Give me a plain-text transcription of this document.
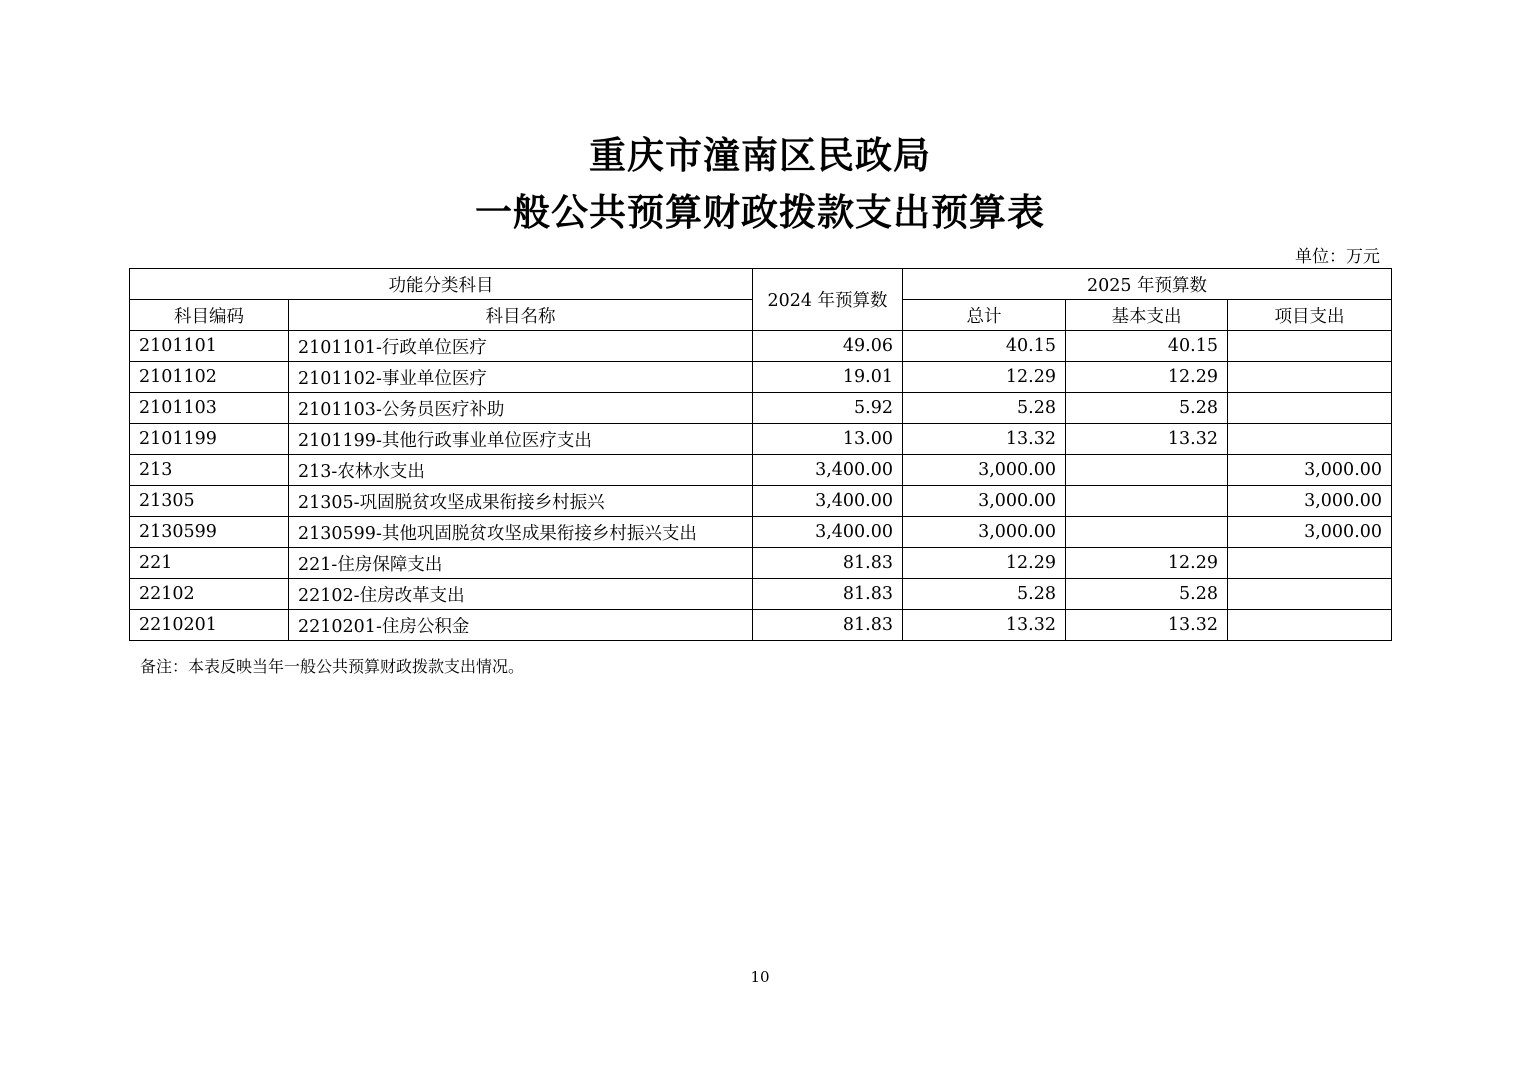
重庆市潼南区民政局
一般公共预算财政拨款支出预算表
单位：万元
功能分类科目		2024 年预算数	2025 年预算数		
科目编码	科目名称		总计	基本支出	项目支出
2101101	2101101-行政单位医疗	49.06	40.15	40.15	
2101102	2101102-事业单位医疗	19.01	12.29	12.29	
2101103	2101103-公务员医疗补助	5.92	5.28	5.28	
2101199	2101199-其他行政事业单位医疗支出	13.00	13.32	13.32	
213	213-农林水支出	3,400.00	3,000.00		3,000.00
21305	21305-巩固脱贫攻坚成果衔接乡村振兴	3,400.00	3,000.00		3,000.00
2130599	2130599-其他巩固脱贫攻坚成果衔接乡村振兴支出	3,400.00	3,000.00		3,000.00
221	221-住房保障支出	81.83	12.29	12.29	
22102	22102-住房改革支出	81.83	5.28	5.28	
2210201	2210201-住房公积金	81.83	13.32	13.32	
备注：本表反映当年一般公共预算财政拨款支出情况。
10
